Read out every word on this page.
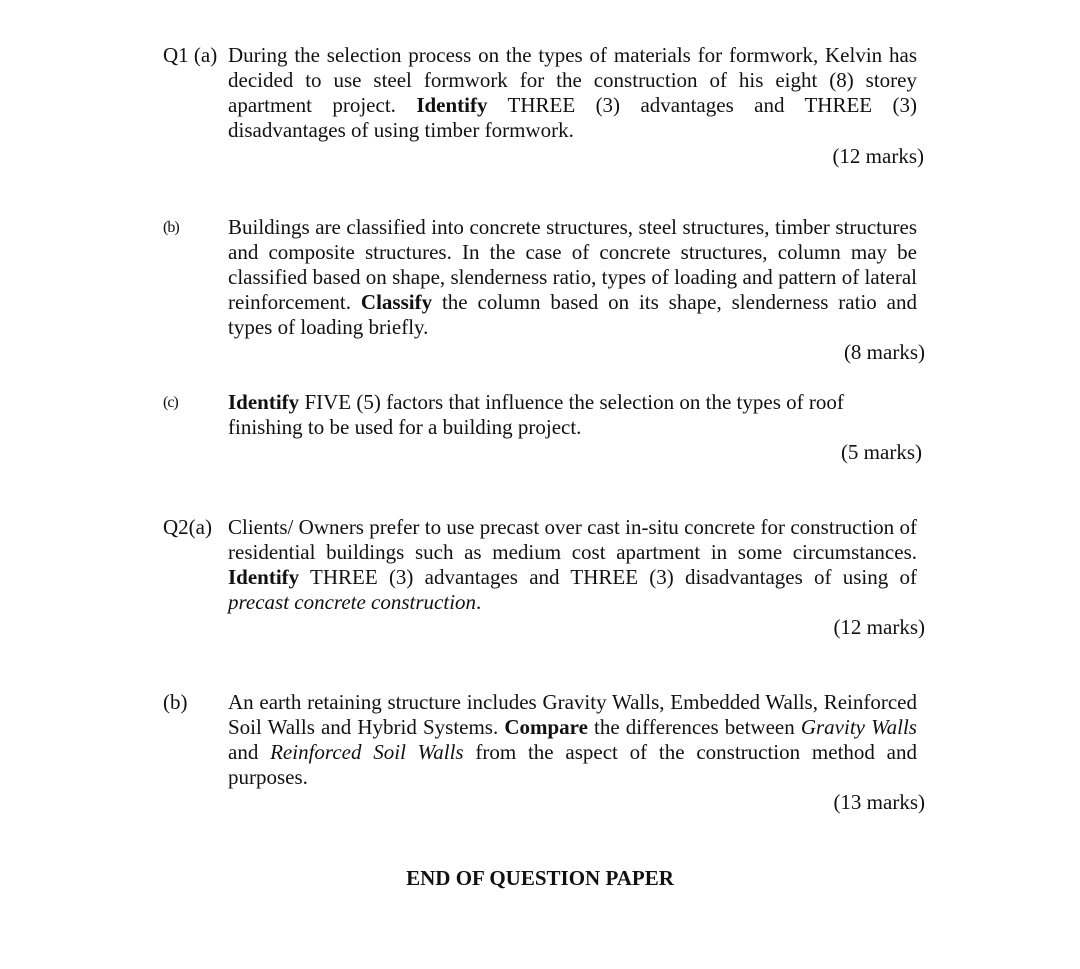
Q1 (a) During the selection process on the types of materials for formwork, Kelvin has decided to use steel formwork for the construction of his eight (8) storey apartment project. Identify THREE (3) advantages and THREE (3) disadvantages of using timber formwork.

(12 marks)
(b) Buildings are classified into concrete structures, steel structures, timber structures and composite structures. In the case of concrete structures, column may be classified based on shape, slenderness ratio, types of loading and pattern of lateral reinforcement. Classify the column based on its shape, slenderness ratio and types of loading briefly.

(8 marks)
(c) Identify FIVE (5) factors that influence the selection on the types of roof finishing to be used for a building project.

(5 marks)
Q2(a) Clients/ Owners prefer to use precast over cast in-situ concrete for construction of residential buildings such as medium cost apartment in some circumstances. Identify THREE (3) advantages and THREE (3) disadvantages of using of precast concrete construction.

(12 marks)
(b) An earth retaining structure includes Gravity Walls, Embedded Walls, Reinforced Soil Walls and Hybrid Systems. Compare the differences between Gravity Walls and Reinforced Soil Walls from the aspect of the construction method and purposes.

(13 marks)
END OF QUESTION PAPER
